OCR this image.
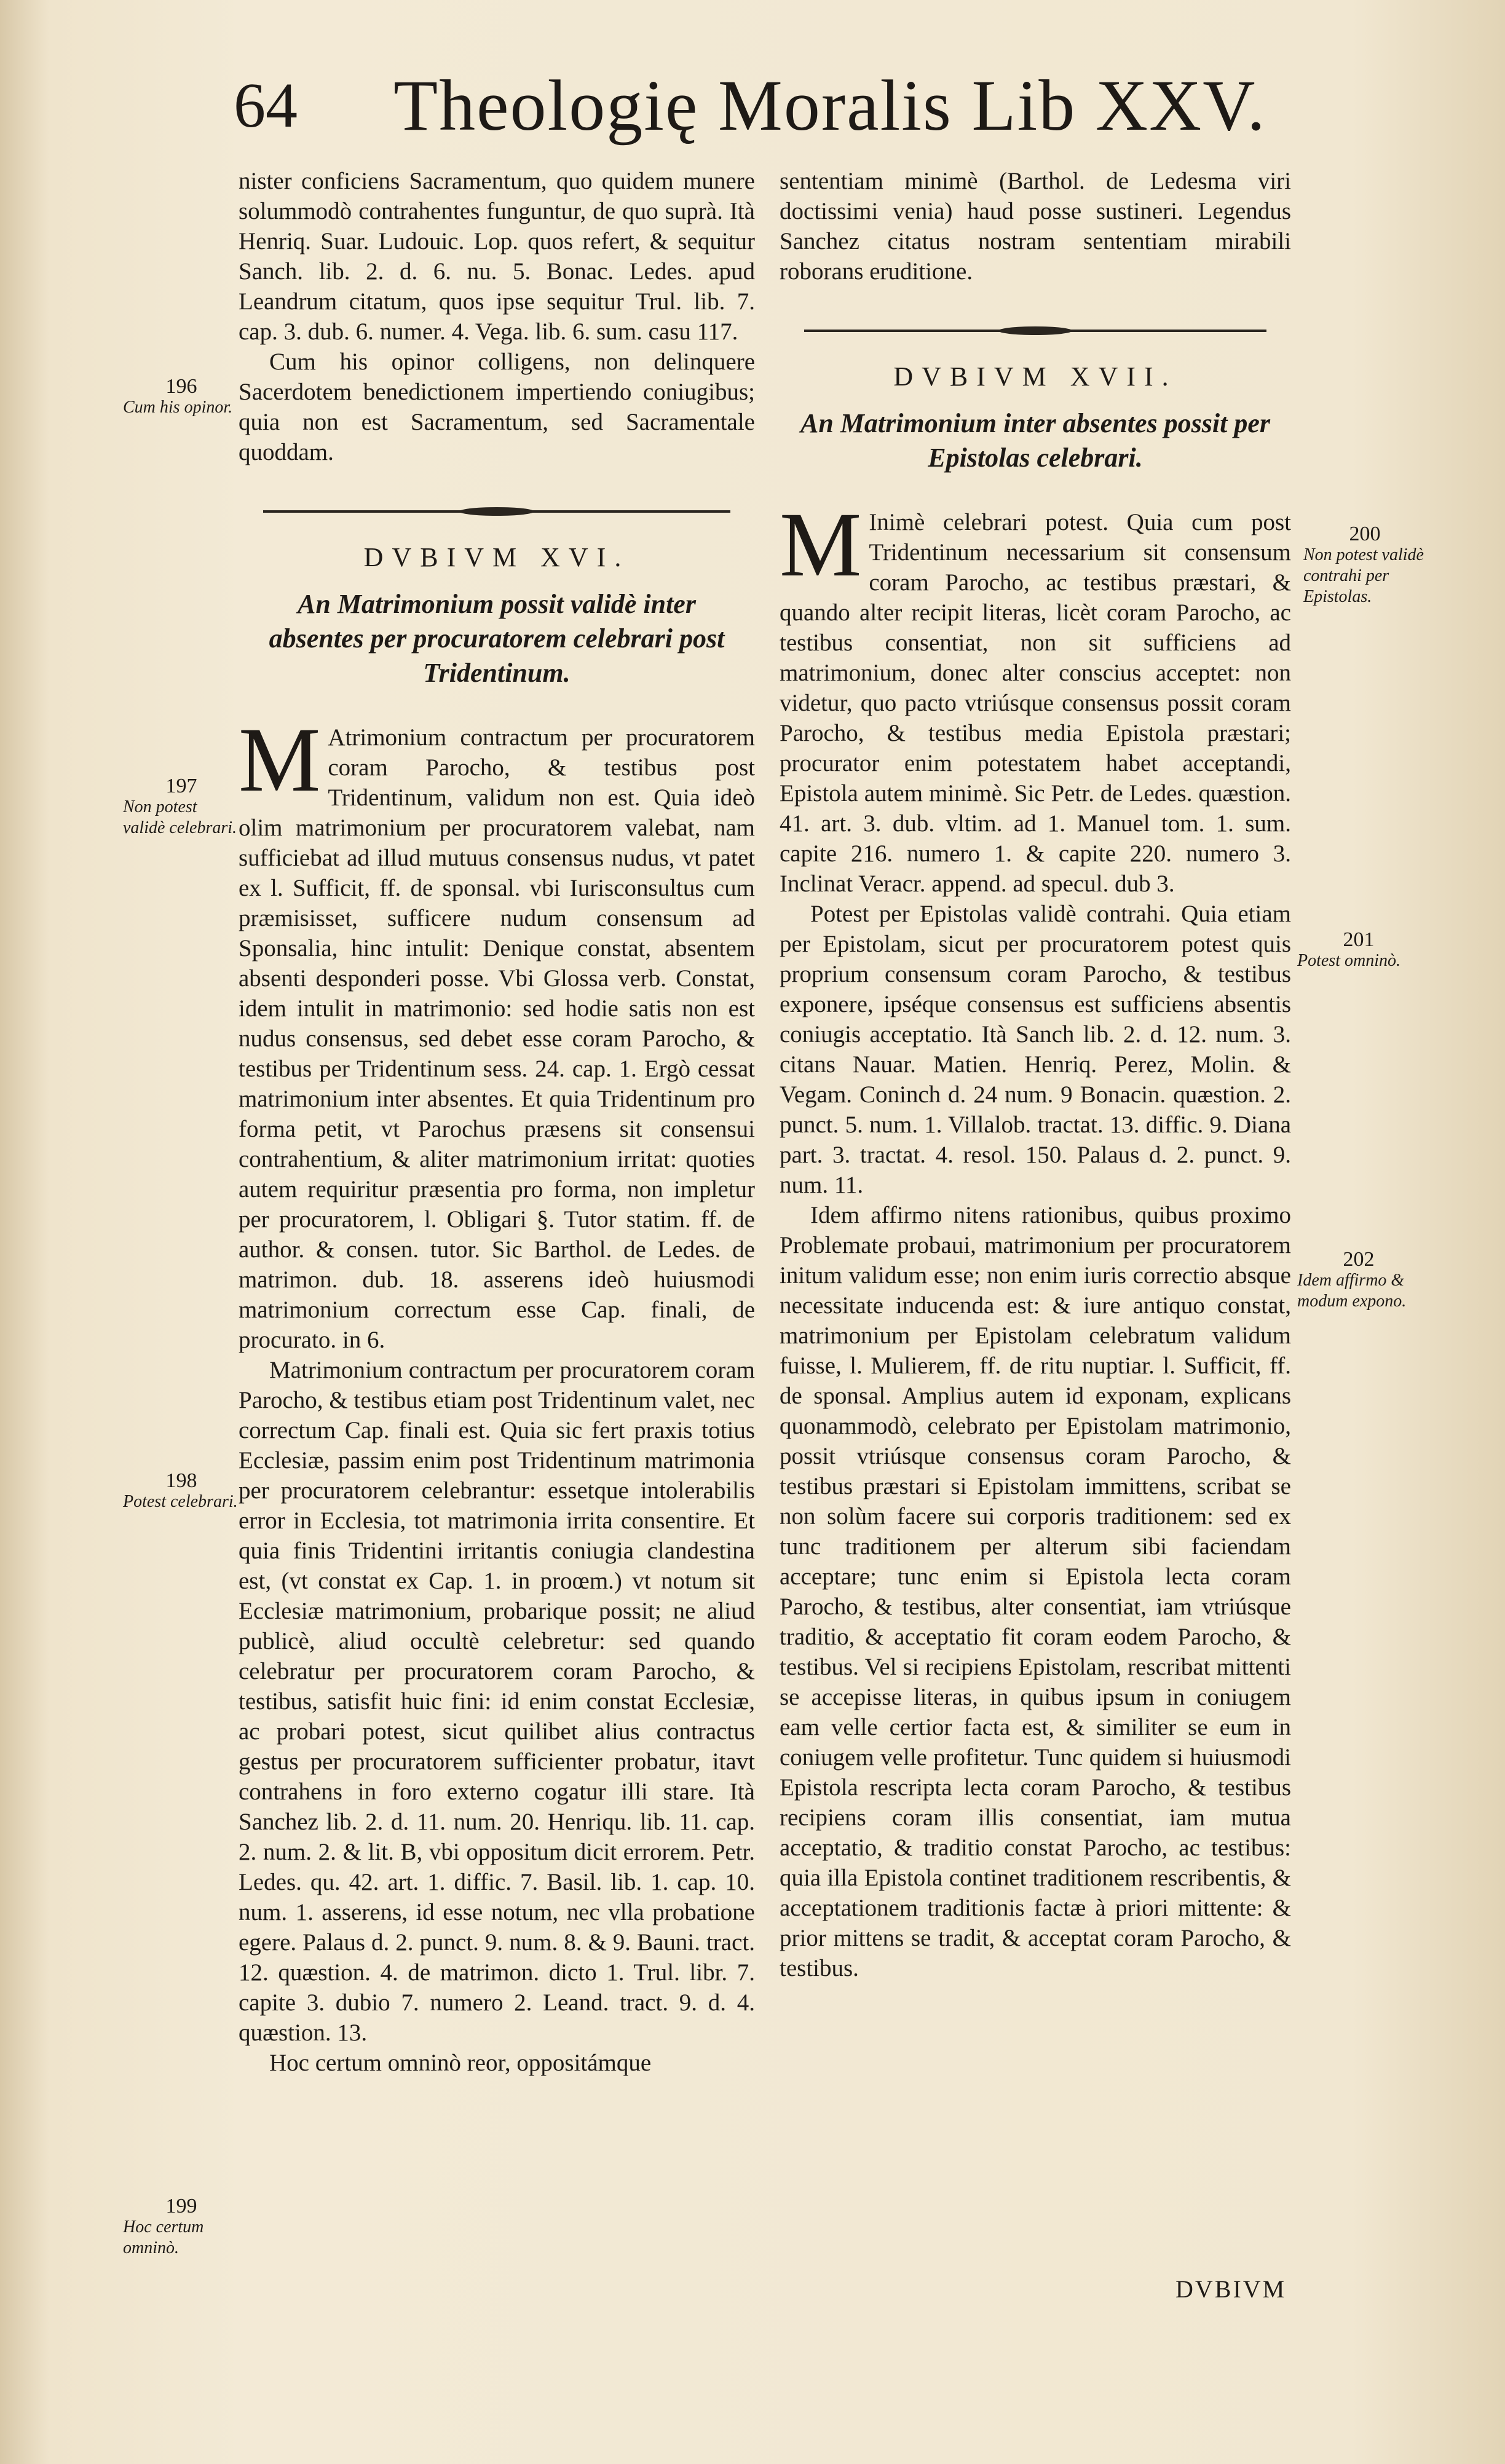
64 Theologię Moralis Lib XXV.

nister conficiens Sacramentum, quo quidem munere solummodò contrahentes funguntur, de quo suprà. Ità Henriq. Suar. Ludouic. Lop. quos refert, & sequitur Sanch. lib. 2. d. 6. nu. 5. Bonac. Ledes. apud Leandrum citatum, quos ipse sequitur Trul. lib. 7. cap. 3. dub. 6. numer. 4. Vega. lib. 6. sum. casu 117.

Cum his opinor colligens, non delinquere Sacerdotem benedictionem impertiendo coniugibus; quia non est Sacramentum, sed Sacramentale quoddam.

DVBIVM XVI.
An Matrimonium possit validè inter absentes per procuratorem celebrari post Tridentinum.

M Atrimonium contractum per procuratorem coram Parocho, & testibus post Tridentinum, validum non est. Quia ideò olim matrimonium per procuratorem valebat, nam sufficiebat ad illud mutuus consensus nudus, vt patet ex l. Sufficit, ff. de sponsal. vbi Iurisconsultus cum præmisisset, sufficere nudum consensum ad Sponsalia, hinc intulit: Denique constat, absentem absenti desponderi posse. Vbi Glossa verb. Constat, idem intulit in matrimonio: sed hodie satis non est nudus consensus, sed debet esse coram Parocho, & testibus per Tridentinum sess. 24. cap. 1. Ergò cessat matrimonium inter absentes. Et quia Tridentinum pro forma petit, vt Parochus præsens sit consensui contrahentium, & aliter matrimonium irritat: quoties autem requiritur præsentia pro forma, non impletur per procuratorem, l. Obligari §. Tutor statim. ff. de author. & consen. tutor. Sic Barthol. de Ledes. de matrimon. dub. 18. asserens ideò huiusmodi matrimonium correctum esse Cap. finali, de procurato. in 6.

Matrimonium contractum per procuratorem coram Parocho, & testibus etiam post Tridentinum valet, nec correctum Cap. finali est. Quia sic fert praxis totius Ecclesiæ, passim enim post Tridentinum matrimonia per procuratorem celebrantur: essetque intolerabilis error in Ecclesia, tot matrimonia irrita consentire. Et quia finis Tridentini irritantis coniugia clandestina est, (vt constat ex Cap. 1. in proœm.) vt notum sit Ecclesiæ matrimonium, probarique possit; ne aliud publicè, aliud occultè celebretur: sed quando celebratur per procuratorem coram Parocho, & testibus, satisfit huic fini: id enim constat Ecclesiæ, ac probari potest, sicut quilibet alius contractus gestus per procuratorem sufficienter probatur, itavt contrahens in foro externo cogatur illi stare. Ità Sanchez lib. 2. d. 11. num. 20. Henriqu. lib. 11. cap. 2. num. 2. & lit. B, vbi oppositum dicit errorem. Petr. Ledes. qu. 42. art. 1. diffic. 7. Basil. lib. 1. cap. 10. num. 1. asserens, id esse notum, nec vlla probatione egere. Palaus d. 2. punct. 9. num. 8. & 9. Bauni. tract. 12. quæstion. 4. de matrimon. dicto 1. Trul. libr. 7. capite 3. dubio 7. numero 2. Leand. tract. 9. d. 4. quæstion. 13.

Hoc certum omninò reor, oppositámque

sententiam minimè (Barthol. de Ledesma viri doctissimi venia) haud posse sustineri. Legendus Sanchez citatus nostram sententiam mirabili roborans eruditione.

DVBIVM XVII.
An Matrimonium inter absentes possit per Epistolas celebrari.

M Inimè celebrari potest. Quia cum post Tridentinum necessarium sit consensum coram Parocho, ac testibus præstari, & quando alter recipit literas, licèt coram Parocho, ac testibus consentiat, non sit sufficiens ad matrimonium, donec alter conscius acceptet: non videtur, quo pacto vtriúsque consensus possit coram Parocho, & testibus media Epistola præstari; procurator enim potestatem habet acceptandi, Epistola autem minimè. Sic Petr. de Ledes. quæstion. 41. art. 3. dub. vltim. ad 1. Manuel tom. 1. sum. capite 216. numero 1. & capite 220. numero 3. Inclinat Veracr. append. ad specul. dub 3.

Potest per Epistolas validè contrahi. Quia etiam per Epistolam, sicut per procuratorem potest quis proprium consensum coram Parocho, & testibus exponere, ipséque consensus est sufficiens absentis coniugis acceptatio. Ità Sanch lib. 2. d. 12. num. 3. citans Nauar. Matien. Henriq. Perez, Molin. & Vegam. Coninch d. 24 num. 9 Bonacin. quæstion. 2. punct. 5. num. 1. Villalob. tractat. 13. diffic. 9. Diana part. 3. tractat. 4. resol. 150. Palaus d. 2. punct. 9. num. 11.

Idem affirmo nitens rationibus, quibus proximo Problemate probaui, matrimonium per procuratorem initum validum esse; non enim iuris correctio absque necessitate inducenda est: & iure antiquo constat, matrimonium per Epistolam celebratum validum fuisse, l. Mulierem, ff. de ritu nuptiar. l. Sufficit, ff. de sponsal. Amplius autem id exponam, explicans quonammodò, celebrato per Epistolam matrimonio, possit vtriúsque consensus coram Parocho, & testibus præstari si Epistolam immittens, scribat se non solùm facere sui corporis traditionem: sed ex tunc traditionem per alterum sibi faciendam acceptare; tunc enim si Epistola lecta coram Parocho, & testibus, alter consentiat, iam vtriúsque traditio, & acceptatio fit coram eodem Parocho, & testibus. Vel si recipiens Epistolam, rescribat mittenti se accepisse literas, in quibus ipsum in coniugem eam velle certior facta est, & similiter se eum in coniugem velle profitetur. Tunc quidem si huiusmodi Epistola rescripta lecta coram Parocho, & testibus recipiens coram illis consentiat, iam mutua acceptatio, & traditio constat Parocho, ac testibus: quia illa Epistola continet traditionem rescribentis, & acceptationem traditionis factæ à priori mittente: & prior mittens se tradit, & acceptat coram Parocho, & testibus.

196
Cum his opinor.
197
Non potest validè celebrari.
198
Potest celebrari.
199
Hoc certum omninò.
200
Non potest validè contrahi per Epistolas.
201
Potest omninò.
202
Idem affirmo & modum expono.
DVBIVM
